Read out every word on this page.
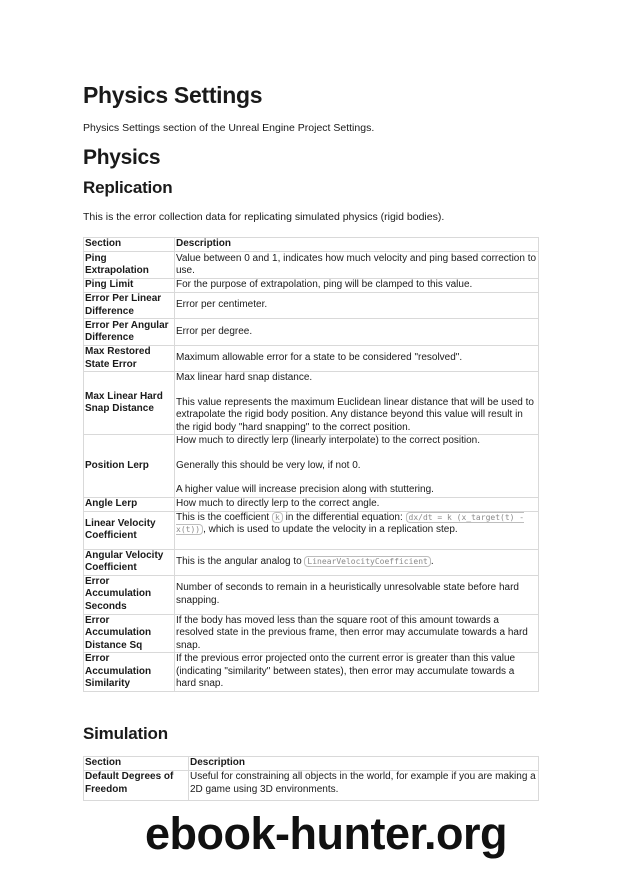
Physics Settings

Physics Settings section of the Unreal Engine Project Settings.

Physics
Replication

This is the error collection data for replicating simulated physics (rigid bodies).

Section	Description
Ping Extrapolation	Value between 0 and 1, indicates how much velocity and ping based correction to use.
Ping Limit	For the purpose of extrapolation, ping will be clamped to this value.
Error Per Linear Difference	Error per centimeter.
Error Per Angular Difference	Error per degree.
Max Restored State Error	Maximum allowable error for a state to be considered "resolved".
Max Linear Hard Snap Distance	Max linear hard snap distance.
This value represents the maximum Euclidean linear distance that will be used to extrapolate the rigid body position. Any distance beyond this value will result in the rigid body "hard snapping" to the correct position.
Position Lerp	How much to directly lerp (linearly interpolate) to the correct position.
Generally this should be very low, if not 0.
A higher value will increase precision along with stuttering.
Angle Lerp	How much to directly lerp to the correct angle.
Linear Velocity Coefficient	This is the coefficient k in the differential equation: dx/dt = k (x_target(t) - x(t)) , which is used to update the velocity in a replication step.
Angular Velocity Coefficient	This is the angular analog to LinearVelocityCoefficient .
Error Accumulation Seconds	Number of seconds to remain in a heuristically unresolvable state before hard snapping.
Error Accumulation Distance Sq	If the body has moved less than the square root of this amount towards a resolved state in the previous frame, then error may accumulate towards a hard snap.
Error Accumulation Similarity	If the previous error projected onto the current error is greater than this value (indicating "similarity" between states), then error may accumulate towards a hard snap.
Simulation
Section	Description
Default Degrees of Freedom	Useful for constraining all objects in the world, for example if you are making a 2D game using 3D environments.
ebook-hunter.org
